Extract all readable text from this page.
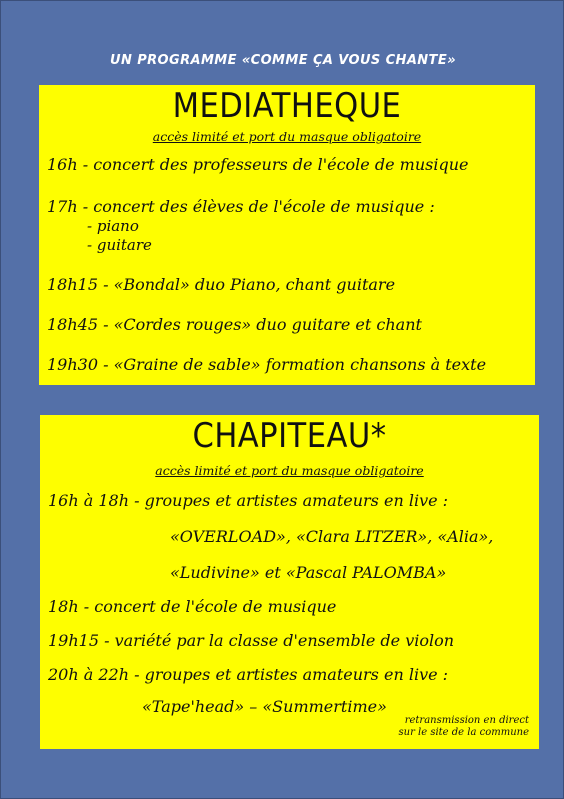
UN PROGRAMME «COMME ÇA VOUS CHANTE»
MEDIATHEQUE
accès limité et port du masque obligatoire
16h - concert des professeurs de l'école de musique
17h - concert des élèves de l'école de musique :
- piano
- guitare
18h15 - «Bondal» duo Piano, chant guitare
18h45 - «Cordes rouges» duo guitare et chant
19h30 - «Graine de sable» formation chansons à texte
CHAPITEAU*
accès limité et port du masque obligatoire
16h à 18h - groupes et artistes amateurs en live :
«OVERLOAD», «Clara LITZER», «Alia»,
«Ludivine» et «Pascal PALOMBA»
18h - concert de l'école de musique
19h15 - variété par la classe d'ensemble de violon
20h à 22h - groupes et artistes amateurs en live :
«Tape'head» – «Summertime»
retransmission en direct
sur le site de la commune
